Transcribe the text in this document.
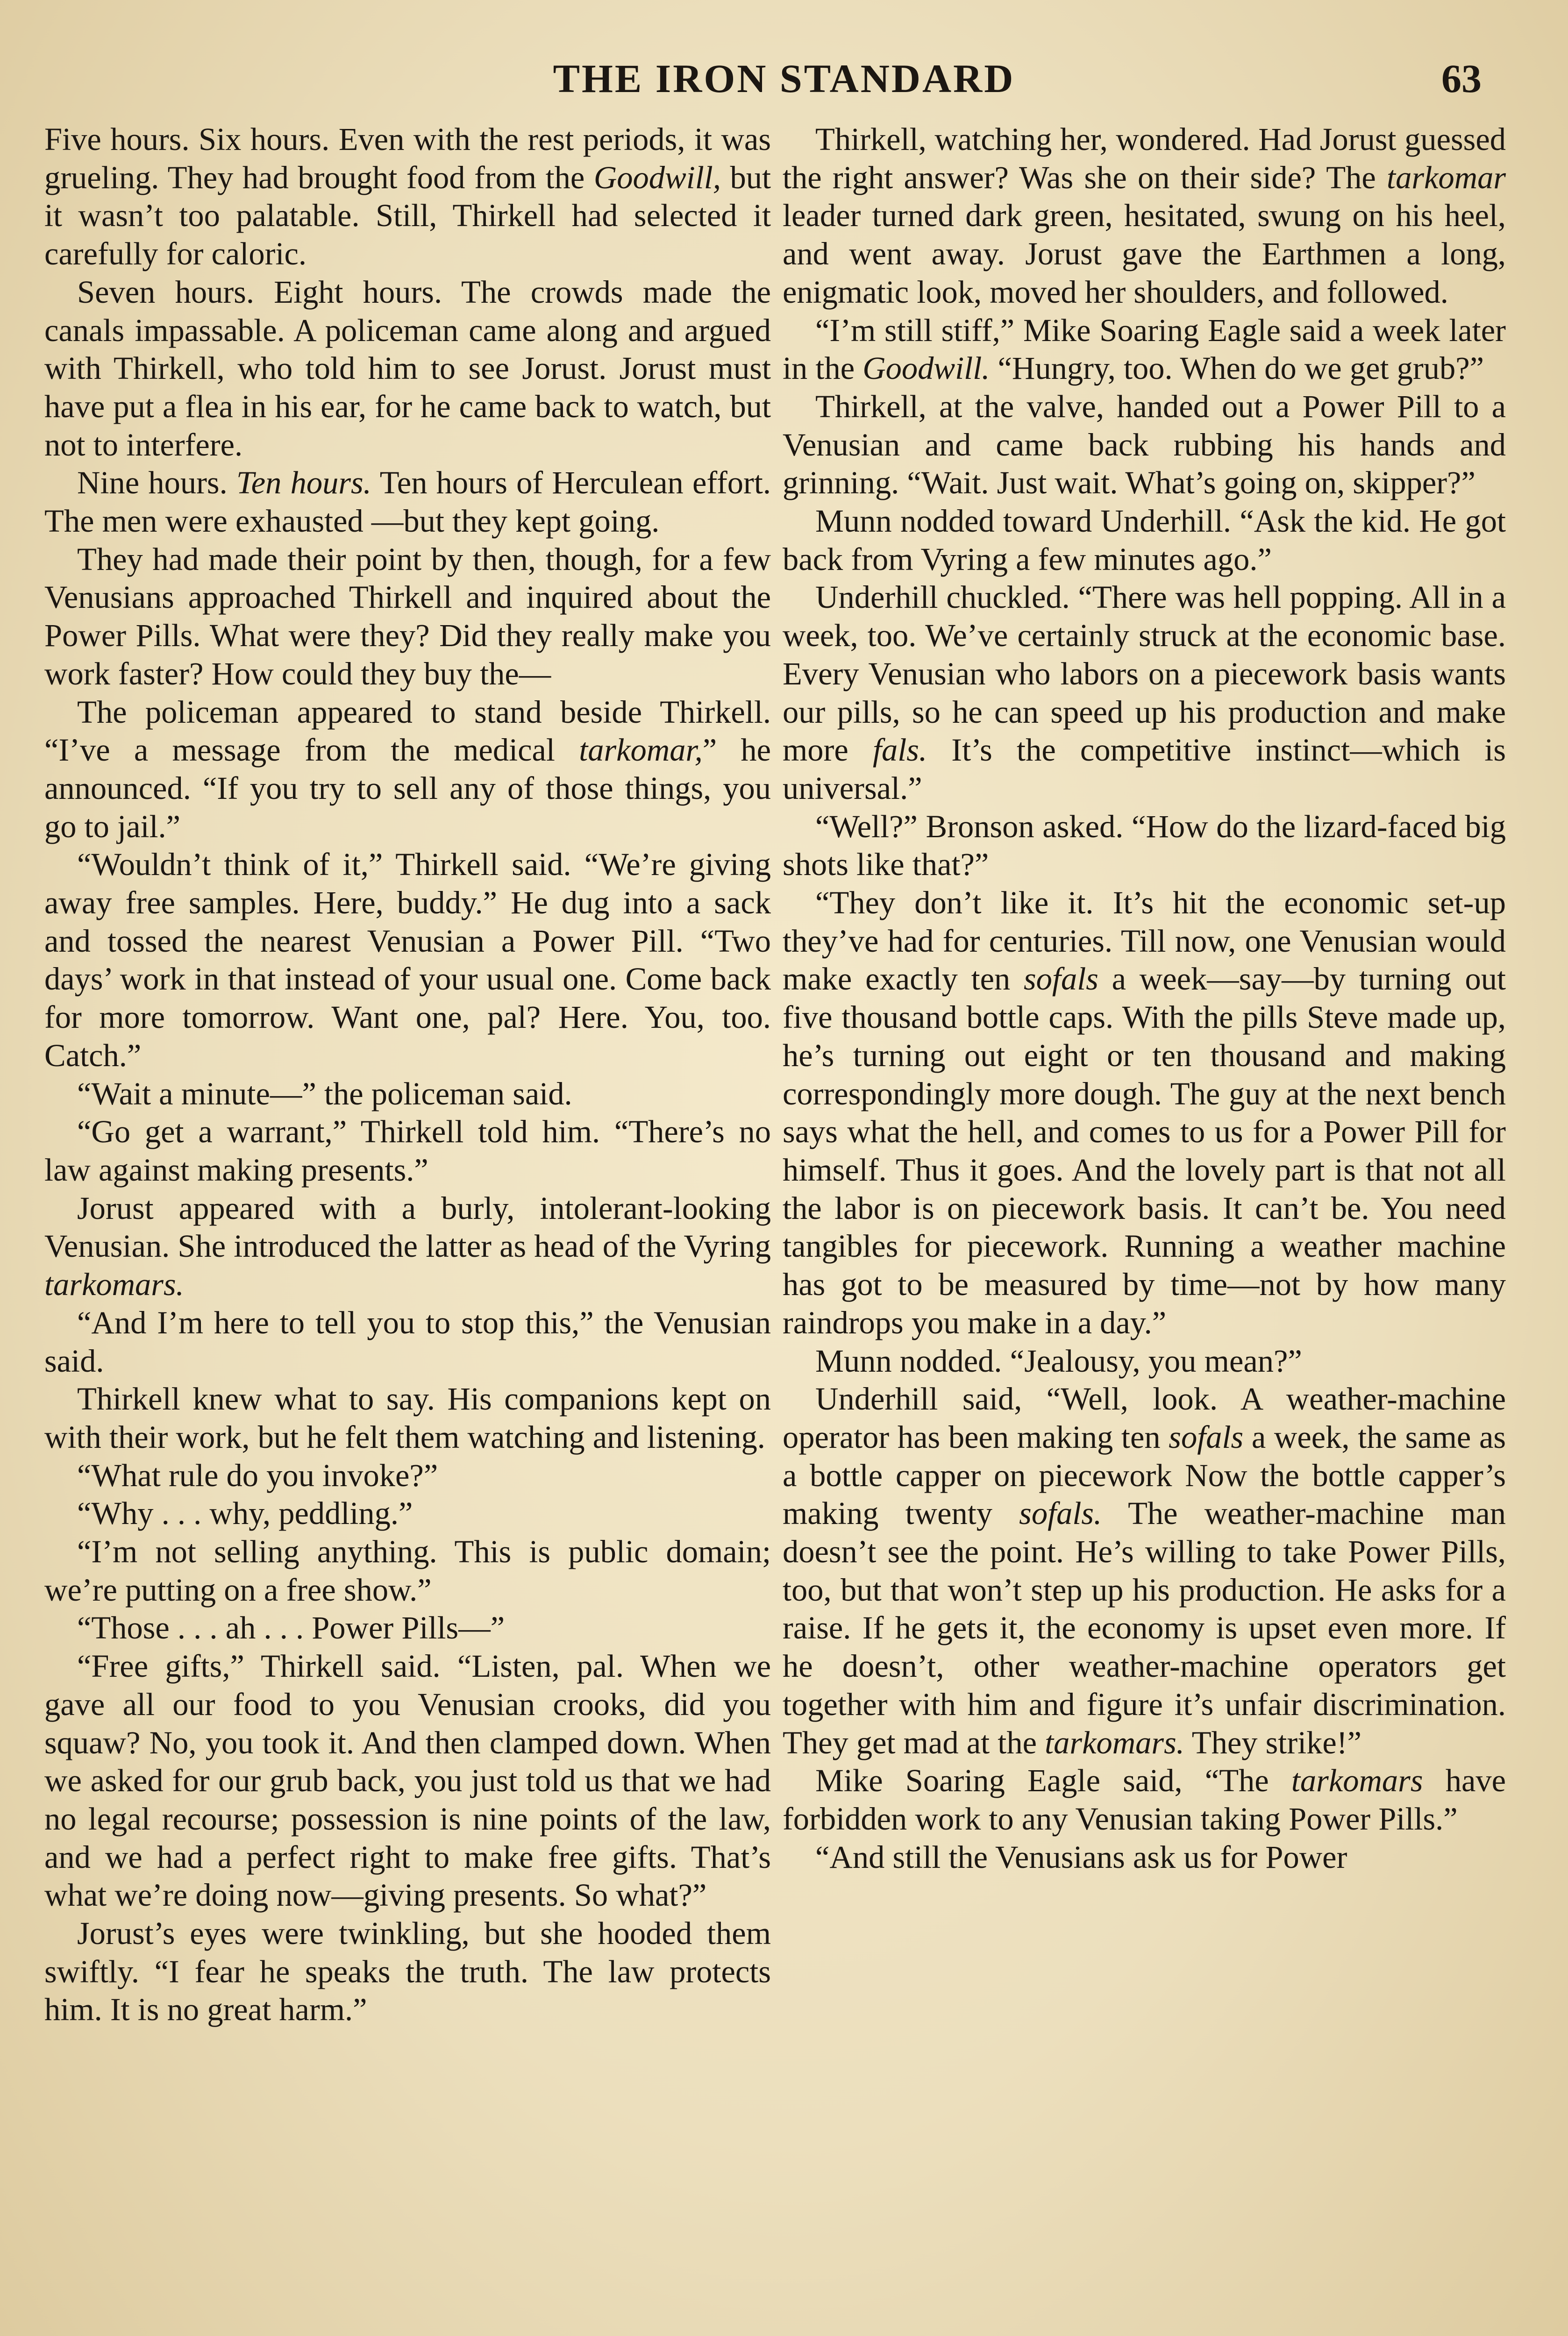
THE IRON STANDARD	63

Five hours. Six hours. Even with the rest periods, it was grueling. They had brought food from the Goodwill, but it wasn’t too palatable. Still, Thirkell had selected it carefully for caloric.

Seven hours. Eight hours. The crowds made the canals impassable. A policeman came along and argued with Thirkell, who told him to see Jorust. Jorust must have put a flea in his ear, for he came back to watch, but not to interfere.

Nine hours. Ten hours. Ten hours of Herculean effort. The men were exhausted —but they kept going.

They had made their point by then, though, for a few Venusians approached Thirkell and inquired about the Power Pills. What were they? Did they really make you work faster? How could they buy the—

The policeman appeared to stand beside Thirkell. “I’ve a message from the medical tarkomar,” he announced. “If you try to sell any of those things, you go to jail.”

“Wouldn’t think of it,” Thirkell said. “We’re giving away free samples. Here, buddy.” He dug into a sack and tossed the nearest Venusian a Power Pill. “Two days’ work in that instead of your usual one. Come back for more tomorrow. Want one, pal? Here. You, too. Catch.”

“Wait a minute—” the policeman said.

“Go get a warrant,” Thirkell told him. “There’s no law against making presents.”

Jorust appeared with a burly, intolerant-looking Venusian. She introduced the latter as head of the Vyring tarkomars.

“And I’m here to tell you to stop this,” the Venusian said.

Thirkell knew what to say. His companions kept on with their work, but he felt them watching and listening.

“What rule do you invoke?”

“Why . . . why, peddling.”

“I’m not selling anything. This is public domain; we’re putting on a free show.”

“Those . . . ah . . . Power Pills—”

“Free gifts,” Thirkell said. “Listen, pal. When we gave all our food to you Venusian crooks, did you squaw? No, you took it. And then clamped down. When we asked for our grub back, you just told us that we had no legal recourse; possession is nine points of the law, and we had a perfect right to make free gifts. That’s what we’re doing now—giving presents. So what?”

Jorust’s eyes were twinkling, but she hooded them swiftly. “I fear he speaks the truth. The law protects him. It is no great harm.”

Thirkell, watching her, wondered. Had Jorust guessed the right answer? Was she on their side? The tarkomar leader turned dark green, hesitated, swung on his heel, and went away. Jorust gave the Earthmen a long, enigmatic look, moved her shoulders, and followed.

“I’m still stiff,” Mike Soaring Eagle said a week later in the Goodwill. “Hungry, too. When do we get grub?”

Thirkell, at the valve, handed out a Power Pill to a Venusian and came back rubbing his hands and grinning. “Wait. Just wait. What’s going on, skipper?”

Munn nodded toward Underhill. “Ask the kid. He got back from Vyring a few minutes ago.”

Underhill chuckled. “There was hell popping. All in a week, too. We’ve certainly struck at the economic base. Every Venusian who labors on a piecework basis wants our pills, so he can speed up his production and make more fals. It’s the competitive instinct—which is universal.”

“Well?” Bronson asked. “How do the lizard-faced big shots like that?”

“They don’t like it. It’s hit the economic set-up they’ve had for centuries. Till now, one Venusian would make exactly ten sofals a week—say—by turning out five thousand bottle caps. With the pills Steve made up, he’s turning out eight or ten thousand and making correspondingly more dough. The guy at the next bench says what the hell, and comes to us for a Power Pill for himself. Thus it goes. And the lovely part is that not all the labor is on piecework basis. It can’t be. You need tangibles for piecework. Running a weather machine has got to be measured by time—not by how many raindrops you make in a day.”

Munn nodded. “Jealousy, you mean?”

Underhill said, “Well, look. A weather-machine operator has been making ten sofals a week, the same as a bottle capper on piecework Now the bottle capper’s making twenty sofals. The weather-machine man doesn’t see the point. He’s willing to take Power Pills, too, but that won’t step up his production. He asks for a raise. If he gets it, the economy is upset even more. If he doesn’t, other weather-machine operators get together with him and figure it’s unfair discrimination. They get mad at the tarkomars. They strike!”

Mike Soaring Eagle said, “The tarkomars have forbidden work to any Venusian taking Power Pills.”

“And still the Venusians ask us for Power
